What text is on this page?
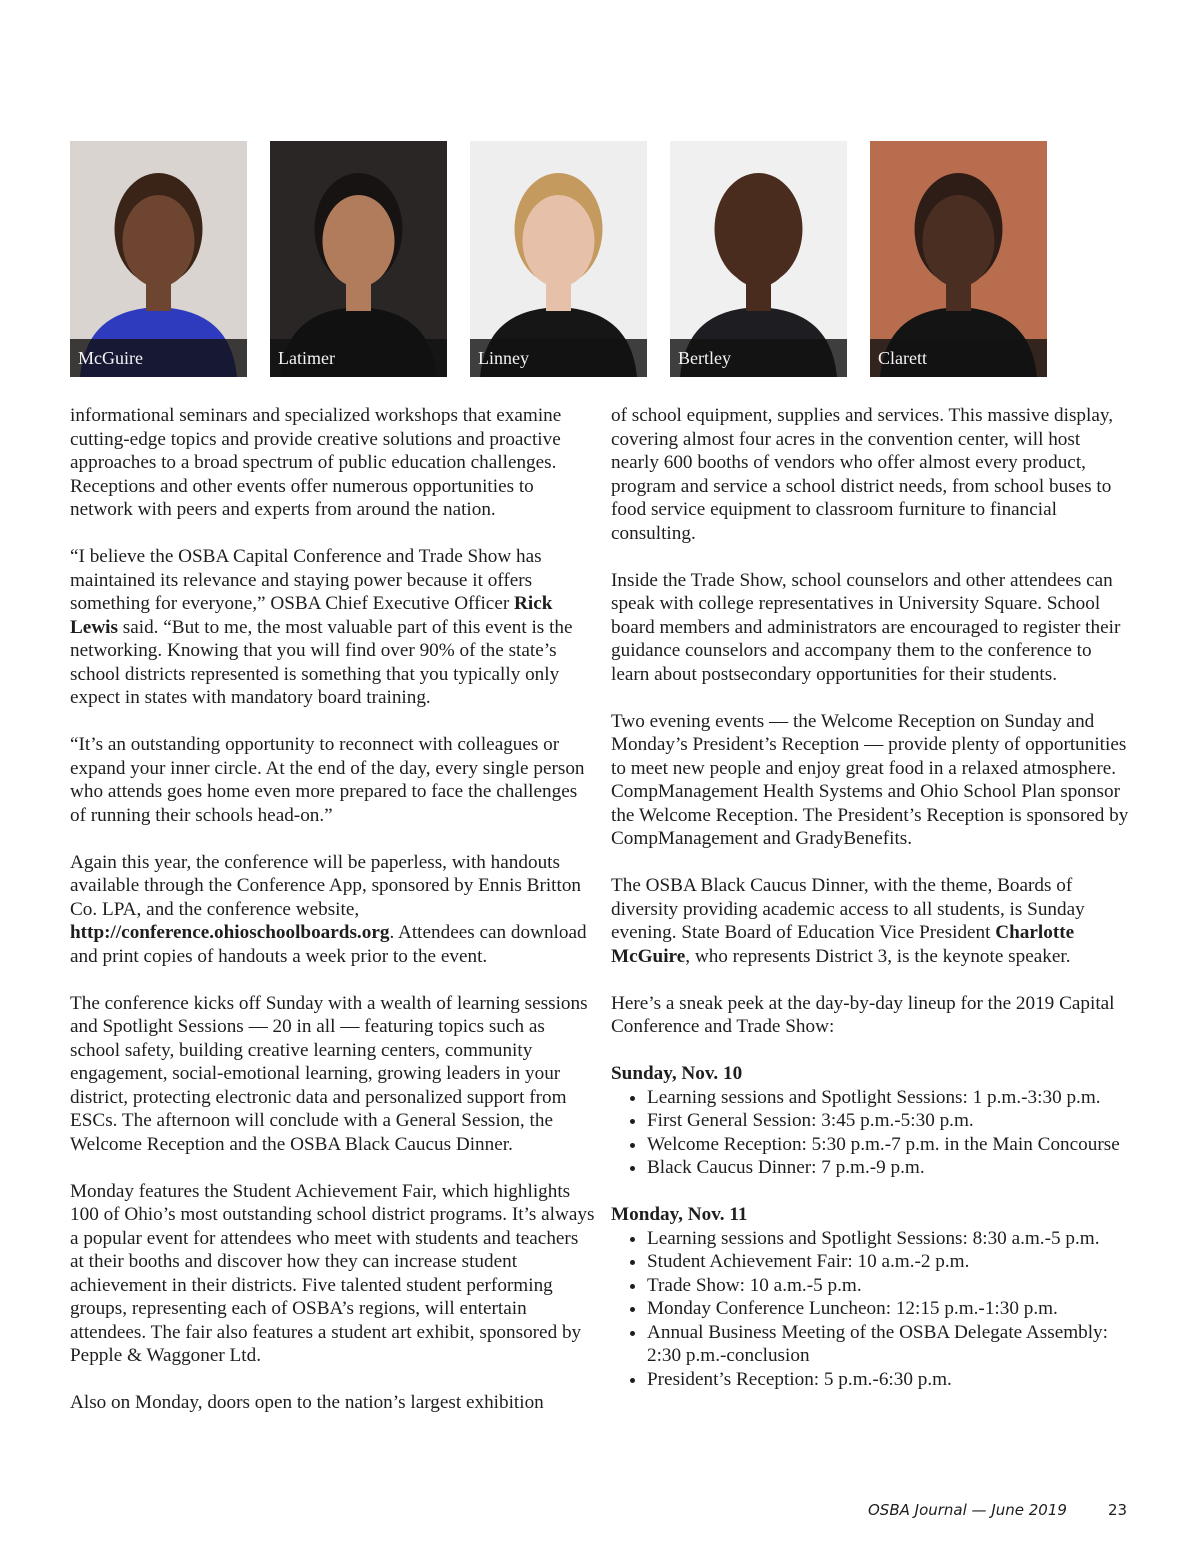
McGuire	Latimer	Linney	Bertley	Clarett

informational seminars and specialized workshops that examine cutting-edge topics and provide creative solutions and proactive approaches to a broad spectrum of public education challenges. Receptions and other events offer numerous opportunities to network with peers and experts from around the nation.

“I believe the OSBA Capital Conference and Trade Show has maintained its relevance and staying power because it offers something for everyone,” OSBA Chief Executive Officer Rick Lewis said. “But to me, the most valuable part of this event is the networking. Knowing that you will find over 90% of the state’s school districts represented is something that you typically only expect in states with mandatory board training.

“It’s an outstanding opportunity to reconnect with colleagues or expand your inner circle. At the end of the day, every single person who attends goes home even more prepared to face the challenges of running their schools head-on.”

Again this year, the conference will be paperless, with handouts available through the Conference App, sponsored by Ennis Britton Co. LPA, and the conference website, http://conference.ohioschoolboards.org. Attendees can download and print copies of handouts a week prior to the event.

The conference kicks off Sunday with a wealth of learning sessions and Spotlight Sessions — 20 in all — featuring topics such as school safety, building creative learning centers, community engagement, social-emotional learning, growing leaders in your district, protecting electronic data and personalized support from ESCs. The afternoon will conclude with a General Session, the Welcome Reception and the OSBA Black Caucus Dinner.

Monday features the Student Achievement Fair, which highlights 100 of Ohio’s most outstanding school district programs. It’s always a popular event for attendees who meet with students and teachers at their booths and discover how they can increase student achievement in their districts. Five talented student performing groups, representing each of OSBA’s regions, will entertain attendees. The fair also features a student art exhibit, sponsored by Pepple & Waggoner Ltd.

Also on Monday, doors open to the nation’s largest exhibition

of school equipment, supplies and services. This massive display, covering almost four acres in the convention center, will host nearly 600 booths of vendors who offer almost every product, program and service a school district needs, from school buses to food service equipment to classroom furniture to financial consulting.

Inside the Trade Show, school counselors and other attendees can speak with college representatives in University Square. School board members and administrators are encouraged to register their guidance counselors and accompany them to the conference to learn about postsecondary opportunities for their students.

Two evening events — the Welcome Reception on Sunday and Monday’s President’s Reception — provide plenty of opportunities to meet new people and enjoy great food in a relaxed atmosphere. CompManagement Health Systems and Ohio School Plan sponsor the Welcome Reception. The President’s Reception is sponsored by CompManagement and GradyBenefits.

The OSBA Black Caucus Dinner, with the theme, Boards of diversity providing academic access to all students, is Sunday evening. State Board of Education Vice President Charlotte McGuire, who represents District 3, is the keynote speaker.

Here’s a sneak peek at the day-by-day lineup for the 2019 Capital Conference and Trade Show:

Sunday, Nov. 10

• Learning sessions and Spotlight Sessions: 1 p.m.-3:30 p.m.
• First General Session: 3:45 p.m.-5:30 p.m.
• Welcome Reception: 5:30 p.m.-7 p.m. in the Main Concourse
• Black Caucus Dinner: 7 p.m.-9 p.m.

Monday, Nov. 11

• Learning sessions and Spotlight Sessions: 8:30 a.m.-5 p.m.
• Student Achievement Fair: 10 a.m.-2 p.m.
• Trade Show: 10 a.m.-5 p.m.
• Monday Conference Luncheon: 12:15 p.m.-1:30 p.m.
• Annual Business Meeting of the OSBA Delegate Assembly: 2:30 p.m.-conclusion
• President’s Reception: 5 p.m.-6:30 p.m.
OSBA Journal — June 2019	23
